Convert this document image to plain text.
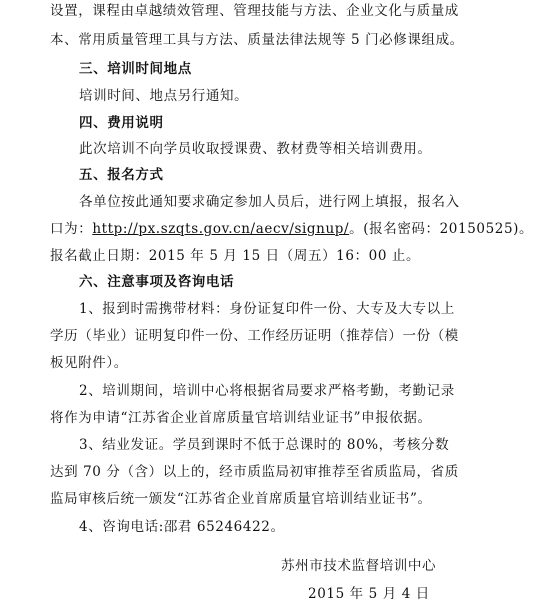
设置，课程由卓越绩效管理、管理技能与方法、企业文化与质量成
本、常用质量管理工具与方法、质量法律法规等 5 门必修课组成。
三、培训时间地点
培训时间、地点另行通知。
四、费用说明
此次培训不向学员收取授课费、教材费等相关培训费用。
五、报名方式
各单位按此通知要求确定参加人员后，进行网上填报，报名入
口为：http://px.szqts.gov.cn/aecv/signup/。(报名密码：20150525)。
报名截止日期：2015 年 5 月 15 日（周五）16：00 止。
六、注意事项及咨询电话
1、报到时需携带材料：身份证复印件一份、大专及大专以上
学历（毕业）证明复印件一份、工作经历证明（推荐信）一份（模
板见附件）。
2、培训期间，培训中心将根据省局要求严格考勤，考勤记录
将作为申请“江苏省企业首席质量官培训结业证书”申报依据。
3、结业发证。学员到课时不低于总课时的 80%，考核分数
达到 70 分（含）以上的，经市质监局初审推荐至省质监局，省质
监局审核后统一颁发“江苏省企业首席质量官培训结业证书”。
4、咨询电话:邵君 65246422。
苏州市技术监督培训中心
2015 年 5 月 4 日
